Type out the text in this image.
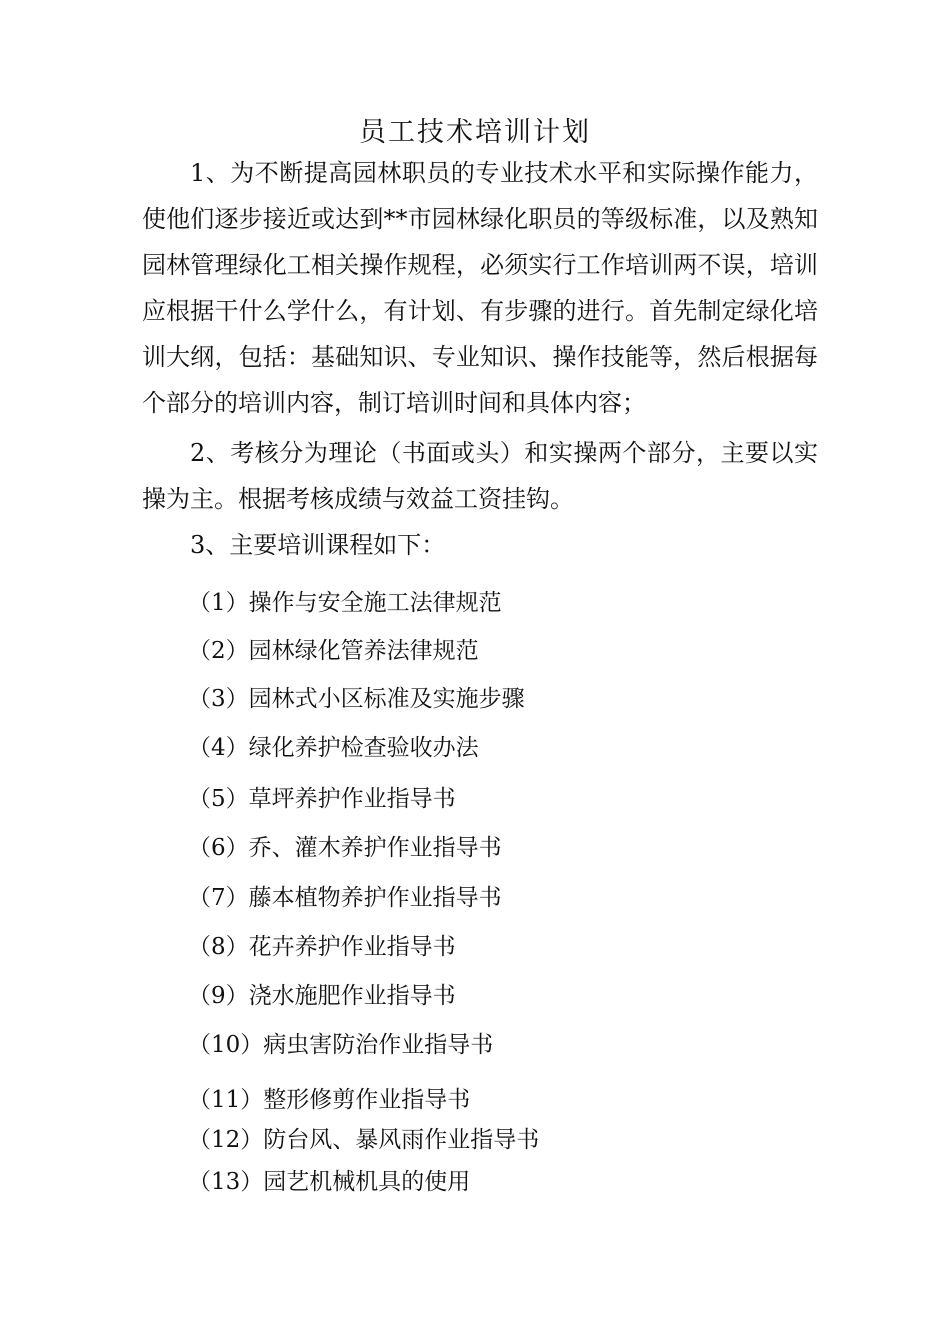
员工技术培训计划

1、为不断提高园林职员的专业技术水平和实际操作能力，使他们逐步接近或达到**市园林绿化职员的等级标准，以及熟知园林管理绿化工相关操作规程，必须实行工作培训两不误，培训应根据干什么学什么，有计划、有步骤的进行。首先制定绿化培训大纲，包括：基础知识、专业知识、操作技能等，然后根据每个部分的培训内容，制订培训时间和具体内容；

2、考核分为理论（书面或头）和实操两个部分，主要以实操为主。根据考核成绩与效益工资挂钩。

3、主要培训课程如下：

（1）操作与安全施工法律规范
（2）园林绿化管养法律规范
（3）园林式小区标准及实施步骤
（4）绿化养护检查验收办法
（5）草坪养护作业指导书
（6）乔、灌木养护作业指导书
（7）藤本植物养护作业指导书
（8）花卉养护作业指导书
（9）浇水施肥作业指导书
（10）病虫害防治作业指导书
（11）整形修剪作业指导书
（12）防台风、暴风雨作业指导书
（13）园艺机械机具的使用
